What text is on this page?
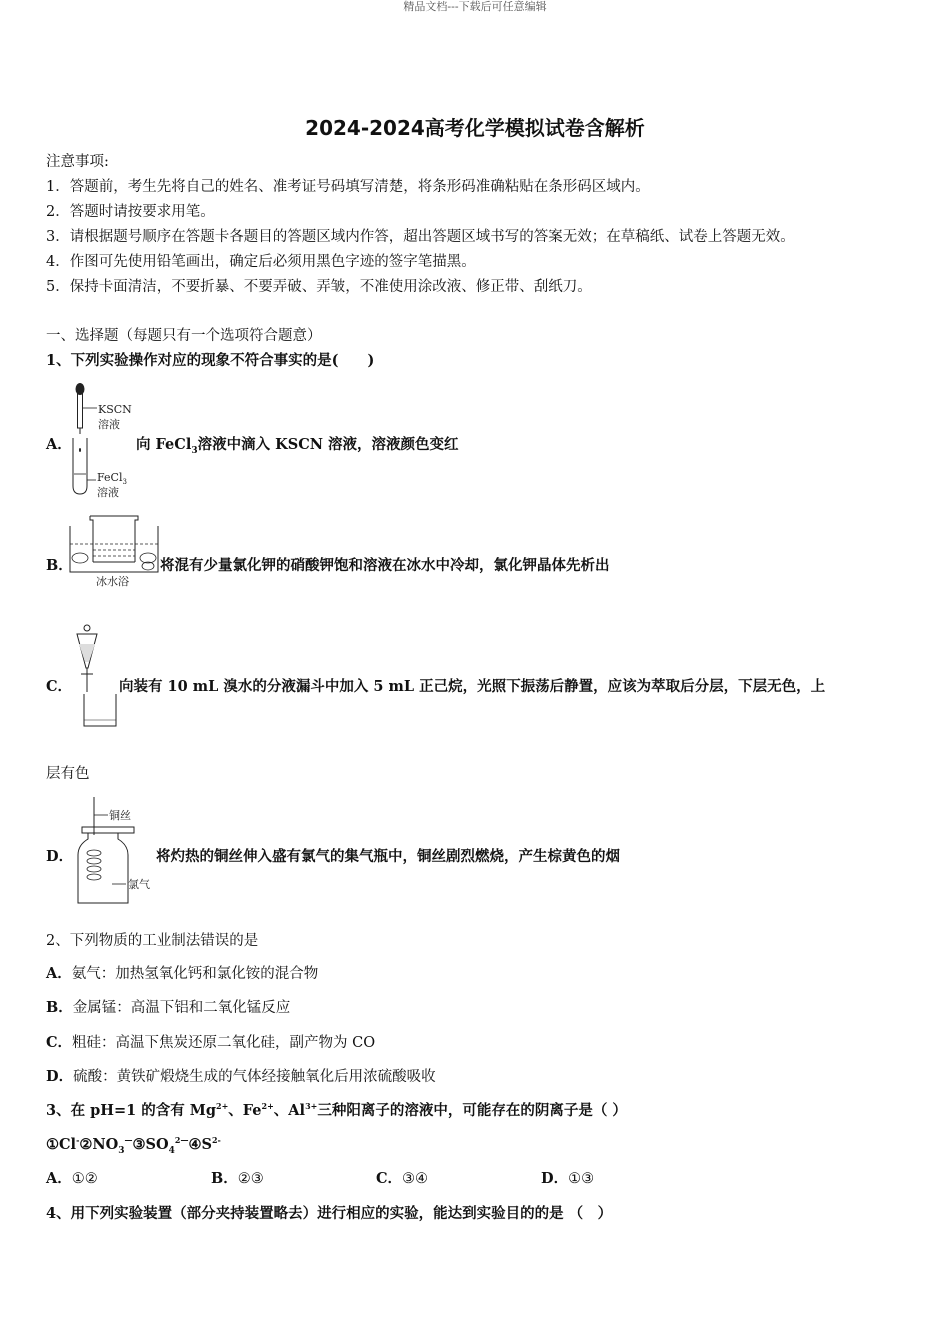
精品文档---下载后可任意编辑
2024-2024高考化学模拟试卷含解析
注意事项:
1．答题前，考生先将自己的姓名、准考证号码填写清楚，将条形码准确粘贴在条形码区域内。
2．答题时请按要求用笔。
3．请根据题号顺序在答题卡各题目的答题区域内作答，超出答题区域书写的答案无效；在草稿纸、试卷上答题无效。
4．作图可先使用铅笔画出，确定后必须用黑色字迹的签字笔描黑。
5．保持卡面清洁，不要折暴、不要弄破、弄皱，不准使用涂改液、修正带、刮纸刀。
一、选择题（每题只有一个选项符合题意）
1、下列实验操作对应的现象不符合事实的是(　　)
KSCN
溶液
FeCl$_3$
溶液
A．	向 FeCl$_3$溶液中滴入 KSCN 溶液，溶液颜色变红
冰水浴
B．	将混有少量氯化钾的硝酸钾饱和溶液在冰水中冷却，氯化钾晶体先析出
C．	向装有 10 mL 溴水的分液漏斗中加入 5 mL 正己烷，光照下振荡后静置，应该为萃取后分层，下层无色，上
层有色
铜丝
氯气
D．	将灼热的铜丝伸入盛有氯气的集气瓶中，铜丝剧烈燃烧，产生棕黄色的烟
2、下列物质的工业制法错误的是
A．氨气：加热氢氧化钙和氯化铵的混合物
B．金属锰：高温下铝和二氧化锰反应
C．粗硅：高温下焦炭还原二氧化硅，副产物为 CO
D．硫酸：黄铁矿煅烧生成的气体经接触氧化后用浓硫酸吸收
3、在 pH=1 的含有 $Mg^{2+}$、$Fe^{2+}$、$Al^{3+}$三种阳离子的溶液中，可能存在的阴离子是（ ）
$①Cl^-②NO_3^—③SO_4^{2—}④S^{2-}$
A．①②	B．②③	C．③④	D．①③
4、用下列实验装置（部分夹持装置略去）进行相应的实验，能达到实验目的的是 （　）
